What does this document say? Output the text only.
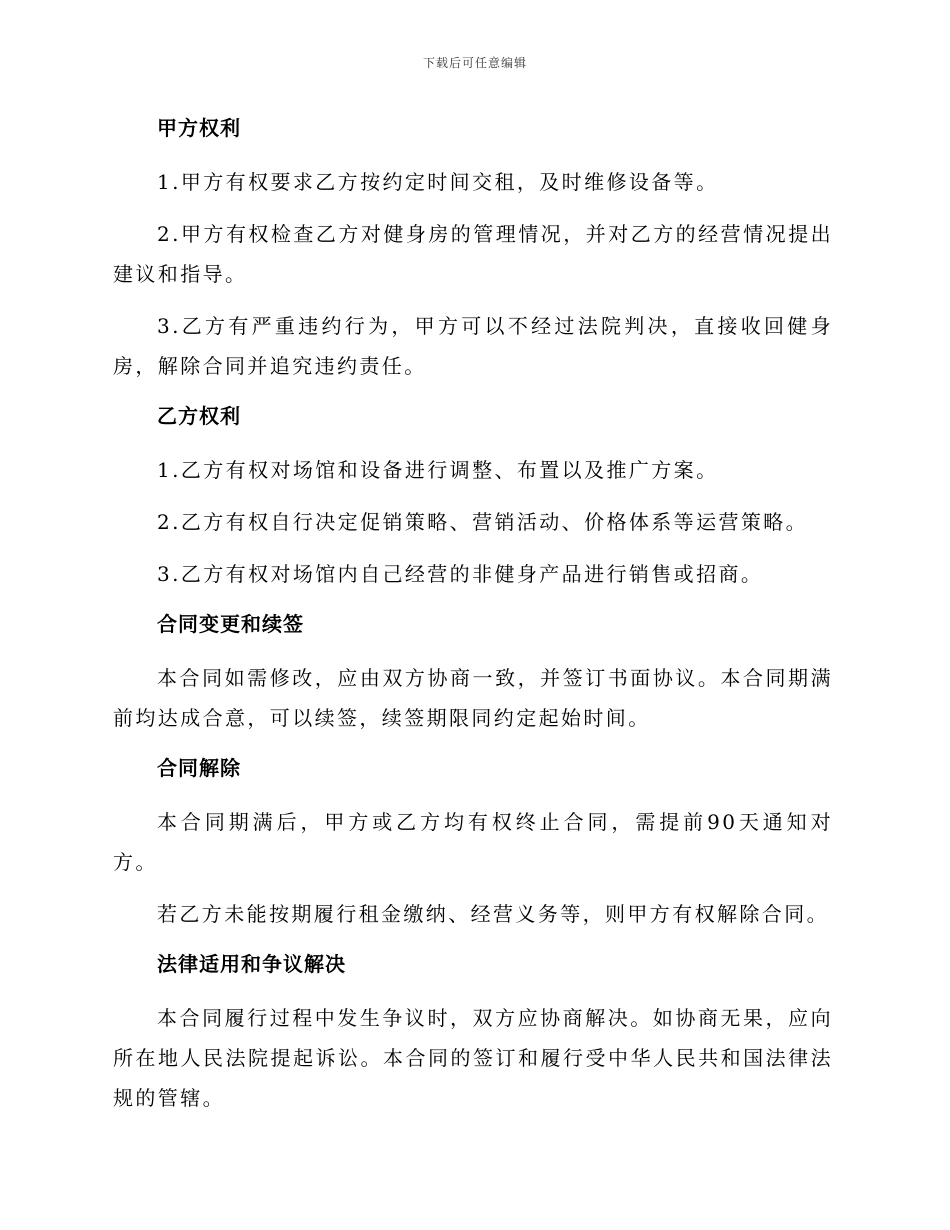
下载后可任意编辑
甲方权利

1.甲方有权要求乙方按约定时间交租，及时维修设备等。

2.甲方有权检查乙方对健身房的管理情况，并对乙方的经营情况提出建议和指导。

3.乙方有严重违约行为，甲方可以不经过法院判决，直接收回健身房，解除合同并追究违约责任。

乙方权利

1.乙方有权对场馆和设备进行调整、布置以及推广方案。

2.乙方有权自行决定促销策略、营销活动、价格体系等运营策略。

3.乙方有权对场馆内自己经营的非健身产品进行销售或招商。

合同变更和续签

本合同如需修改，应由双方协商一致，并签订书面协议。本合同期满前均达成合意，可以续签，续签期限同约定起始时间。

合同解除

本合同期满后，甲方或乙方均有权终止合同，需提前90天通知对方。

若乙方未能按期履行租金缴纳、经营义务等，则甲方有权解除合同。

法律适用和争议解决

本合同履行过程中发生争议时，双方应协商解决。如协商无果，应向所在地人民法院提起诉讼。本合同的签订和履行受中华人民共和国法律法规的管辖。
